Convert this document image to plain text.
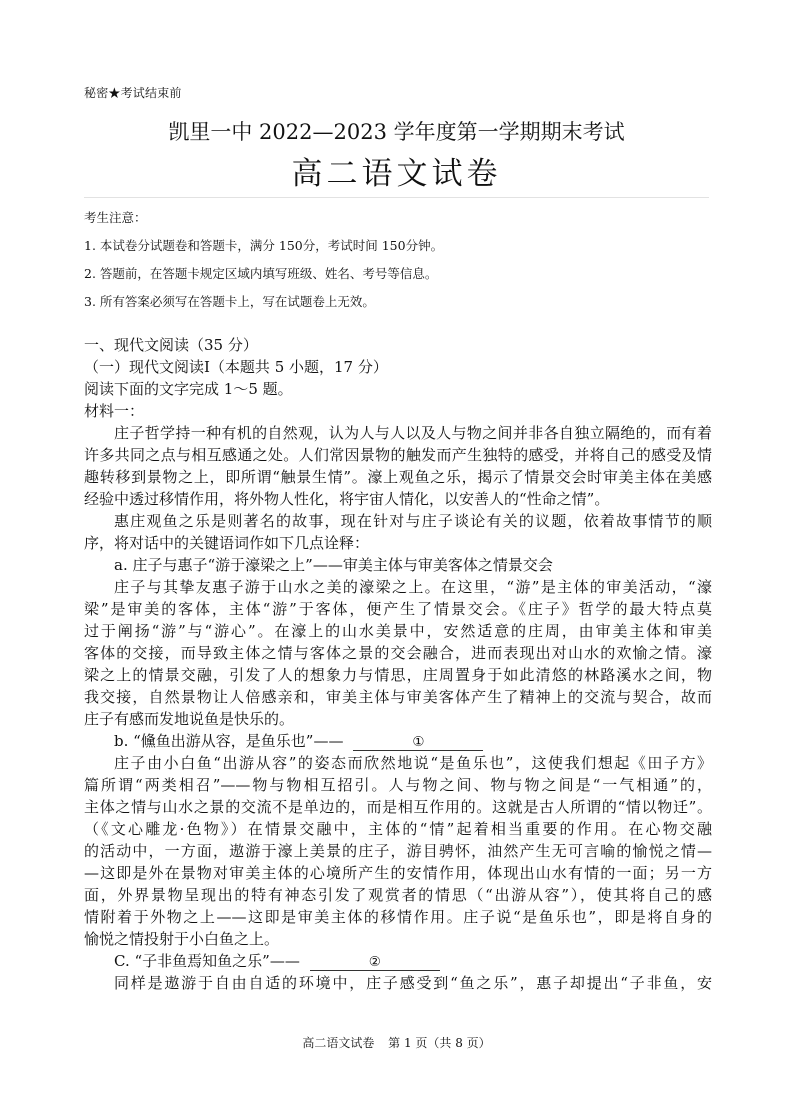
秘密★考试结束前
凯里一中 2022—2023 学年度第一学期期末考试
高二语文试卷
考生注意：
1. 本试卷分试题卷和答题卡，满分 150分，考试时间 150分钟。
2. 答题前，在答题卡规定区域内填写班级、姓名、考号等信息。
3. 所有答案必须写在答题卡上，写在试题卷上无效。
一、现代文阅读（35 分）
（一）现代文阅读Ⅰ（本题共 5 小题，17 分）
阅读下面的文字完成 1～5 题。
材料一：
庄子哲学持一种有机的自然观，认为人与人以及人与物之间并非各自独立隔绝的，而有着
许多共同之点与相互感通之处。人们常因景物的触发而产生独特的感受，并将自己的感受及情
趣转移到景物之上，即所谓“触景生情”。濠上观鱼之乐，揭示了情景交会时审美主体在美感
经验中透过移情作用，将外物人性化，将宇宙人情化，以安善人的“性命之情”。
惠庄观鱼之乐是则著名的故事，现在针对与庄子谈论有关的议题，依着故事情节的顺
序，将对话中的关键语词作如下几点诠释：
a. 庄子与惠子“游于濠梁之上”——审美主体与审美客体之情景交会
庄子与其挚友惠子游于山水之美的濠梁之上。在这里，“游”是主体的审美活动，“濠
梁”是审美的客体，主体“游”于客体，便产生了情景交会。《庄子》哲学的最大特点莫
过于阐扬“游”与“游心”。在濠上的山水美景中，安然适意的庄周，由审美主体和审美
客体的交接，而导致主体之情与客体之景的交会融合，进而表现出对山水的欢愉之情。濠
梁之上的情景交融，引发了人的想象力与情思，庄周置身于如此清悠的林路溪水之间，物
我交接，自然景物让人倍感亲和，审美主体与审美客体产生了精神上的交流与契合，故而
庄子有感而发地说鱼是快乐的。
b. “儵鱼出游从容，是鱼乐也”——	①
庄子由小白鱼“出游从容”的姿态而欣然地说“是鱼乐也”，这使我们想起《田子方》
篇所谓“两类相召”——物与物相互招引。人与物之间、物与物之间是“一气相通”的，
主体之情与山水之景的交流不是单边的，而是相互作用的。这就是古人所谓的“情以物迁”。
（《文心雕龙·色物》）在情景交融中，主体的“情”起着相当重要的作用。在心物交融
的活动中，一方面，遨游于濠上美景的庄子，游目骋怀，油然产生无可言喻的愉悦之情—
—这即是外在景物对审美主体的心境所产生的安情作用，体现出山水有情的一面；另一方
面，外界景物呈现出的特有神态引发了观赏者的情思（“出游从容”），使其将自己的感
情附着于外物之上——这即是审美主体的移情作用。庄子说“是鱼乐也”，即是将自身的
愉悦之情投射于小白鱼之上。
C. “子非鱼焉知鱼之乐”——	②
同样是遨游于自由自适的环境中，庄子感受到“鱼之乐”，惠子却提出“子非鱼，安
高二语文试卷 第 1 页（共 8 页）
